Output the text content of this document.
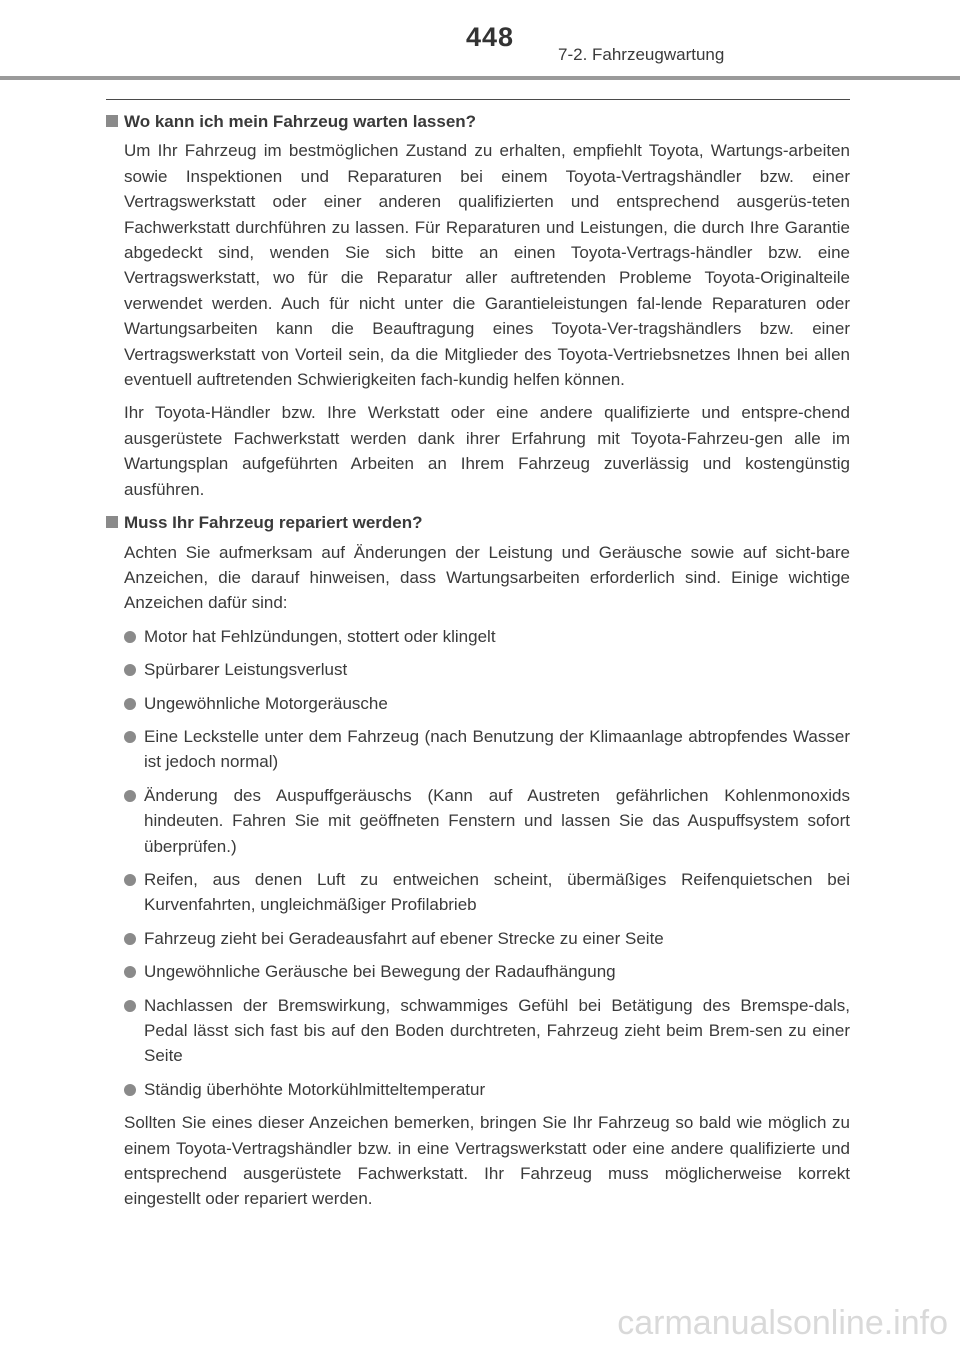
448
7-2. Fahrzeugwartung
Wo kann ich mein Fahrzeug warten lassen?

Um Ihr Fahrzeug im bestmöglichen Zustand zu erhalten, empfiehlt Toyota, Wartungs-arbeiten sowie Inspektionen und Reparaturen bei einem Toyota-Vertragshändler bzw. einer Vertragswerkstatt oder einer anderen qualifizierten und entsprechend ausgerüs-teten Fachwerkstatt durchführen zu lassen. Für Reparaturen und Leistungen, die durch Ihre Garantie abgedeckt sind, wenden Sie sich bitte an einen Toyota-Vertrags-händler bzw. eine Vertragswerkstatt, wo für die Reparatur aller auftretenden Probleme Toyota-Originalteile verwendet werden. Auch für nicht unter die Garantieleistungen fal-lende Reparaturen oder Wartungsarbeiten kann die Beauftragung eines Toyota-Ver-tragshändlers bzw. einer Vertragswerkstatt von Vorteil sein, da die Mitglieder des Toyota-Vertriebsnetzes Ihnen bei allen eventuell auftretenden Schwierigkeiten fach-kundig helfen können.

Ihr Toyota-Händler bzw. Ihre Werkstatt oder eine andere qualifizierte und entspre-chend ausgerüstete Fachwerkstatt werden dank ihrer Erfahrung mit Toyota-Fahrzeu-gen alle im Wartungsplan aufgeführten Arbeiten an Ihrem Fahrzeug zuverlässig und kostengünstig ausführen.

Muss Ihr Fahrzeug repariert werden?

Achten Sie aufmerksam auf Änderungen der Leistung und Geräusche sowie auf sicht-bare Anzeichen, die darauf hinweisen, dass Wartungsarbeiten erforderlich sind. Einige wichtige Anzeichen dafür sind:

Motor hat Fehlzündungen, stottert oder klingelt
Spürbarer Leistungsverlust
Ungewöhnliche Motorgeräusche
Eine Leckstelle unter dem Fahrzeug (nach Benutzung der Klimaanlage abtropfendes Wasser ist jedoch normal)
Änderung des Auspuffgeräuschs (Kann auf Austreten gefährlichen Kohlenmonoxids hindeuten. Fahren Sie mit geöffneten Fenstern und lassen Sie das Auspuffsystem sofort überprüfen.)
Reifen, aus denen Luft zu entweichen scheint, übermäßiges Reifenquietschen bei Kurvenfahrten, ungleichmäßiger Profilabrieb
Fahrzeug zieht bei Geradeausfahrt auf ebener Strecke zu einer Seite
Ungewöhnliche Geräusche bei Bewegung der Radaufhängung
Nachlassen der Bremswirkung, schwammiges Gefühl bei Betätigung des Bremspe-dals, Pedal lässt sich fast bis auf den Boden durchtreten, Fahrzeug zieht beim Brem-sen zu einer Seite
Ständig überhöhte Motorkühlmitteltemperatur

Sollten Sie eines dieser Anzeichen bemerken, bringen Sie Ihr Fahrzeug so bald wie möglich zu einem Toyota-Vertragshändler bzw. in eine Vertragswerkstatt oder eine andere qualifizierte und entsprechend ausgerüstete Fachwerkstatt. Ihr Fahrzeug muss möglicherweise korrekt eingestellt oder repariert werden.

carmanualsonline.info
